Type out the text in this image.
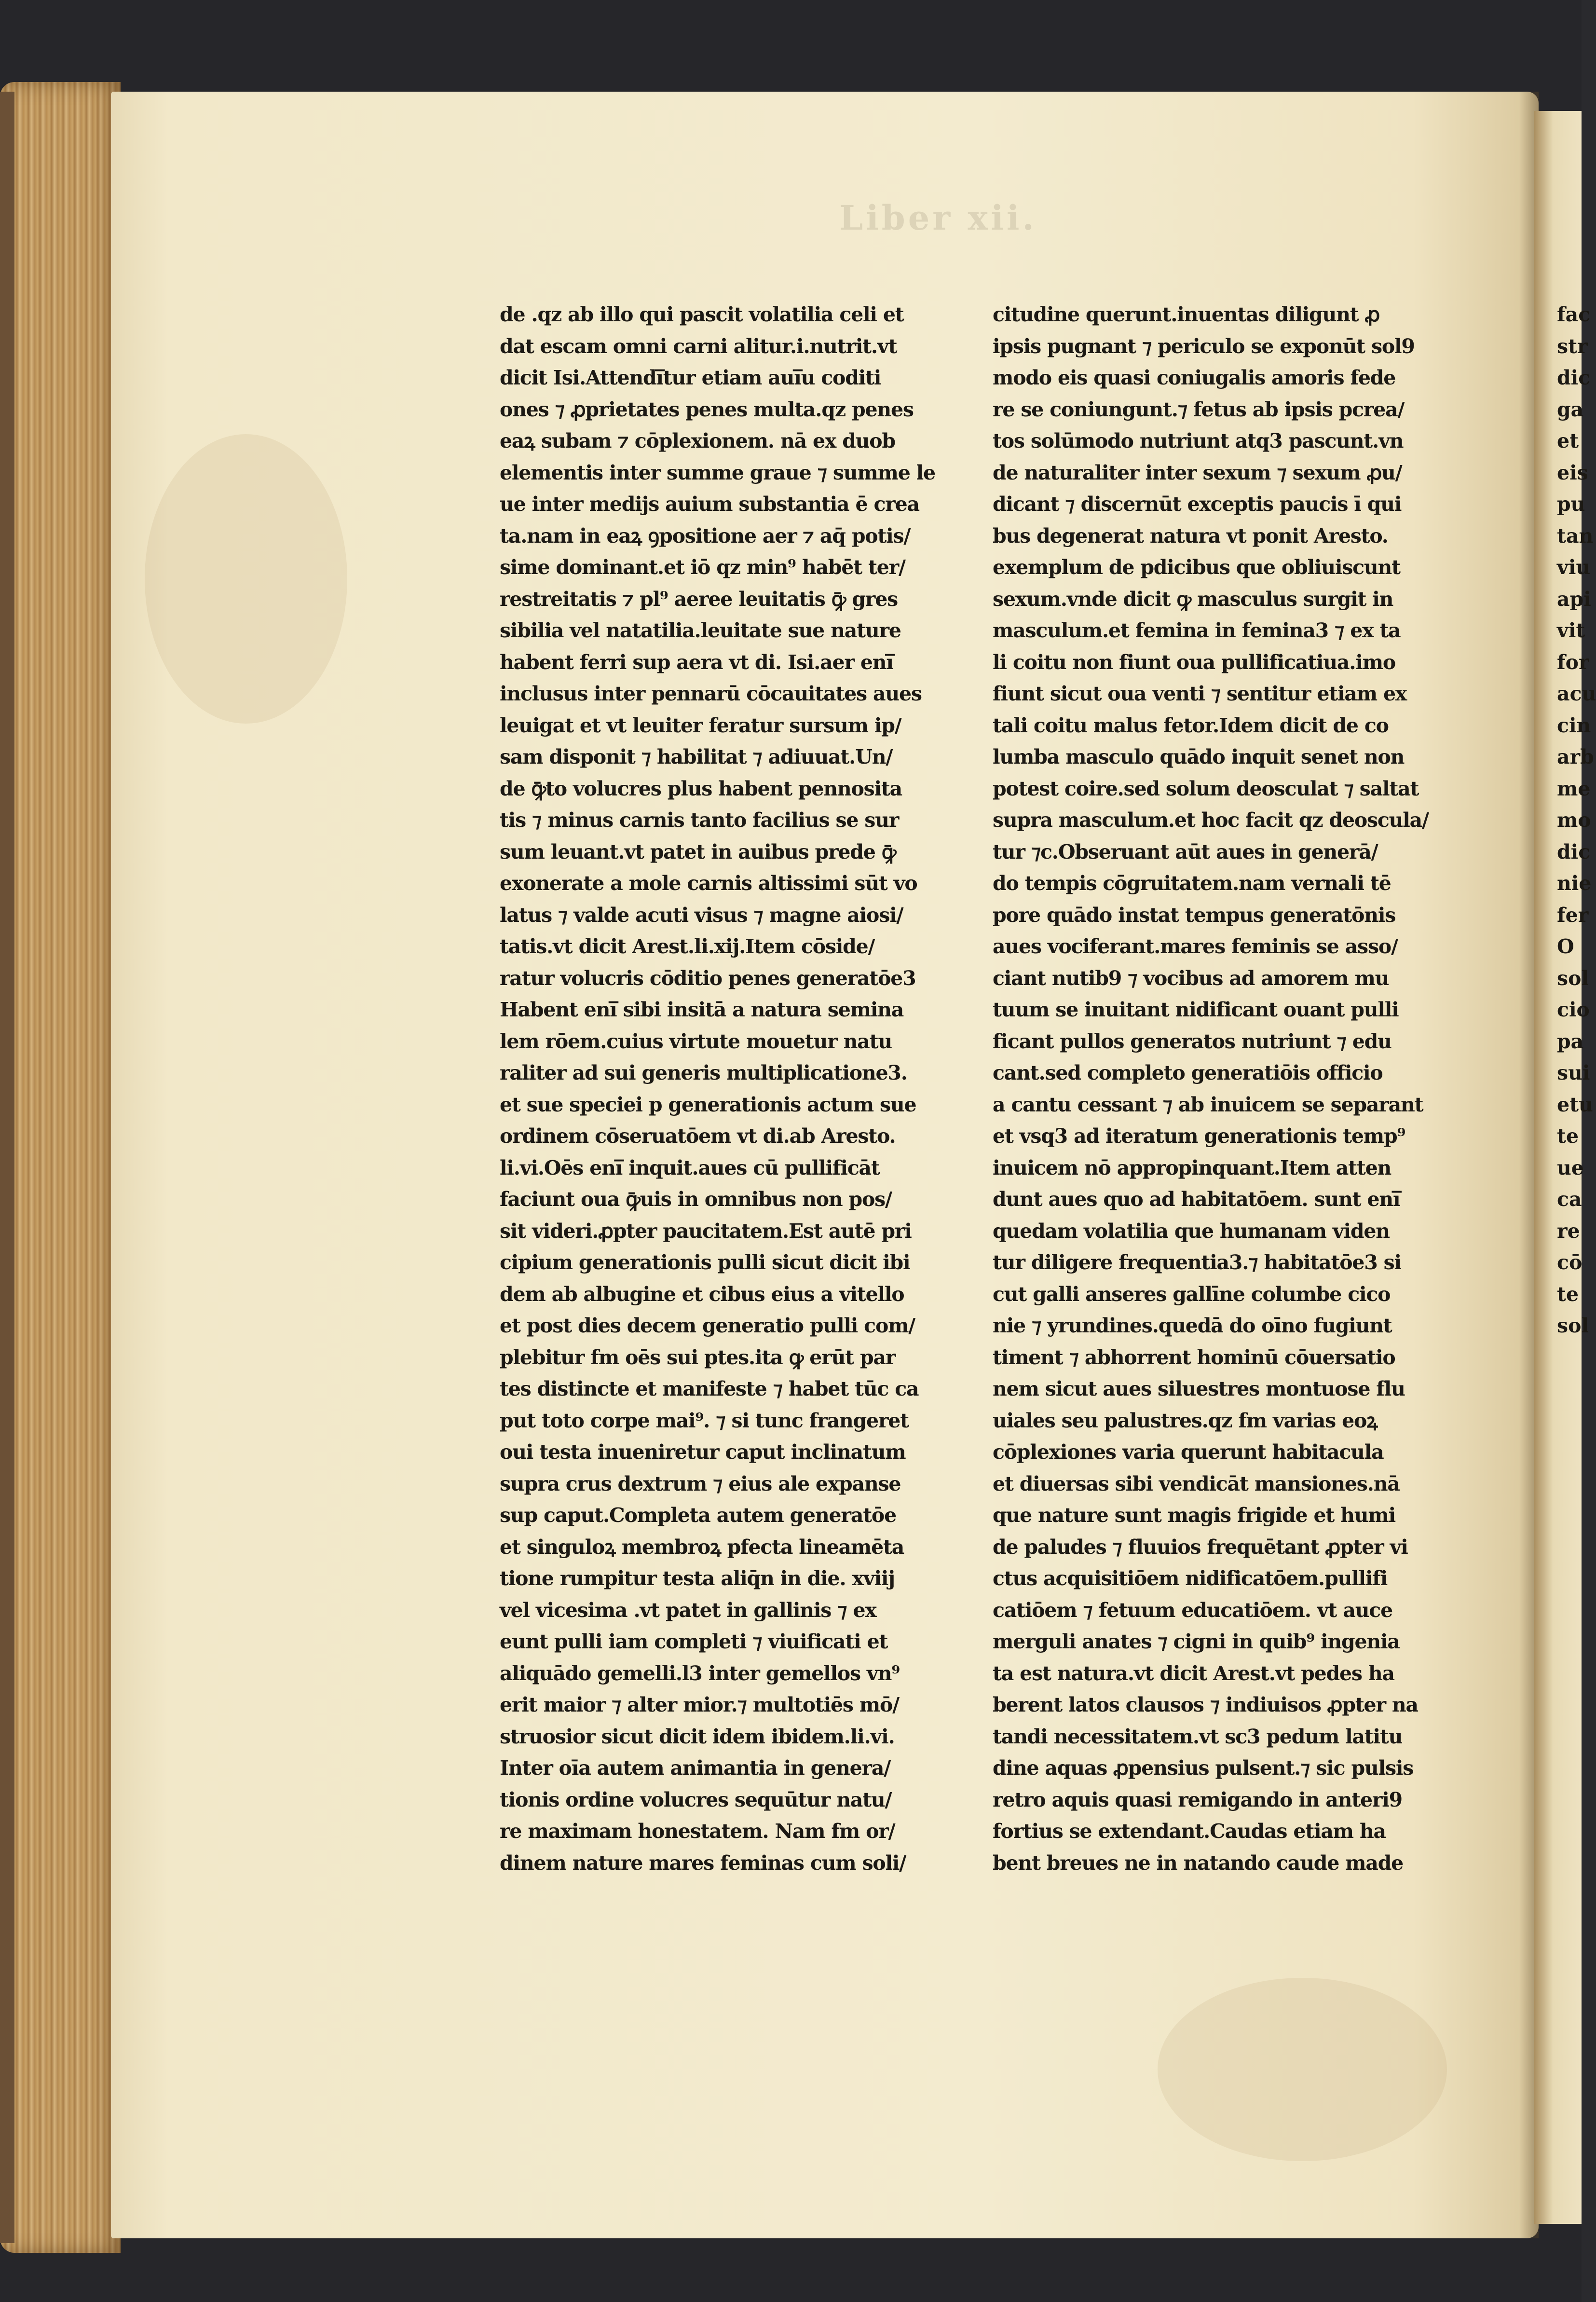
Liber xii.
de .qz ab illo qui pascit volatilia celi et
dat escam omni carni alitur.i.nutrit.vt
dicit Isi.Attendi̅tur etiam aui̅u coditi
ones ⁊ ꝓprietates penes multa.qz penes
eaꝝ subam ⁊ cōplexionem. nā ex duob
elementis inter summe graue ⁊ summe le
ue inter medijs auium substantia ē crea
ta.nam in eaꝝ ꝯpositione aer ⁊ aq̄ potis/
sime dominant.et iō qz min⁹ habēt ter/
restreitatis ⁊ pl⁹ aeree leuitatis ꝙ̄ gres
sibilia vel natatilia.leuitate sue nature
habent ferri sup aera vt di. Isi.aer eni̅
inclusus inter pennarū cōcauitates aues
leuigat et vt leuiter feratur sursum ip/
sam disponit ⁊ habilitat ⁊ adiuuat.Un/
de ꝙ̄to volucres plus habent pennosita
tis ⁊ minus carnis tanto facilius se sur
sum leuant.vt patet in auibus prede ꝙ̄
exonerate a mole carnis altissimi sūt vo
latus ⁊ valde acuti visus ⁊ magne aiosi/
tatis.vt dicit Arest.li.xij.Item cōside/
ratur volucris cōditio penes generatōe3
Habent eni̅ sibi insitā a natura semina
lem rōem.cuius virtute mouetur natu
raliter ad sui generis multiplicatione3.
et sue speciei p generationis actum sue
ordinem cōseruatōem vt di.ab Aresto.
li.vi.Oēs eni̅ inquit.aues cū pullificāt
faciunt oua ꝙ̄uis in omnibus non pos/
sit videri.ꝓpter paucitatem.Est autē pri
cipium generationis pulli sicut dicit ibi
dem ab albugine et cibus eius a vitello
et post dies decem generatio pulli com/
plebitur fm oēs sui ptes.ita ꝙ erūt par
tes distincte et manifeste ⁊ habet tūc ca
put toto corpe mai⁹. ⁊ si tunc frangeret
oui testa inueniretur caput inclinatum
supra crus dextrum ⁊ eius ale expanse
sup caput.Completa autem generatōe
et singuloꝝ membroꝝ pfecta lineamēta
tione rumpitur testa aliq̄n in die. xviij
vel vicesima .vt patet in gallinis ⁊ ex
eunt pulli iam completi ⁊ viuificati et
aliquādo gemelli.l3 inter gemellos vn⁹
erit maior ⁊ alter mior.⁊ multotiēs mō/
struosior sicut dicit idem ibidem.li.vi.
Inter oīa autem animantia in genera/
tionis ordine volucres sequūtur natu/
re maximam honestatem. Nam fm or/
dinem nature mares feminas cum soli/
citudine querunt.inuentas diligunt ꝓ
ipsis pugnant ⁊ periculo se exponūt sol9
modo eis quasi coniugalis amoris fede
re se coniungunt.⁊ fetus ab ipsis pcrea/
tos solūmodo nutriunt atq3 pascunt.vn
de naturaliter inter sexum ⁊ sexum ꝓu/
dicant ⁊ discernūt exceptis paucis ī qui
bus degenerat natura vt ponit Aresto.
exemplum de pdicibus que obliuiscunt
sexum.vnde dicit ꝙ masculus surgit in
masculum.et femina in femina3 ⁊ ex ta
li coitu non fiunt oua pullificatiua.imo
fiunt sicut oua venti ⁊ sentitur etiam ex
tali coitu malus fetor.Idem dicit de co
lumba masculo quādo inquit senet non
potest coire.sed solum deosculat ⁊ saltat
supra masculum.et hoc facit qz deoscula/
tur ⁊c.Obseruant aūt aues in generā/
do tempis cōgruitatem.nam vernali tē
pore quādo instat tempus generatōnis
aues vociferant.mares feminis se asso/
ciant nutib9 ⁊ vocibus ad amorem mu
tuum se inuitant nidificant ouant pulli
ficant pullos generatos nutriunt ⁊ edu
cant.sed completo generatiōis officio
a cantu cessant ⁊ ab inuicem se separant
et vsq3 ad iteratum generationis temp⁹
inuicem nō appropinquant.Item atten
dunt aues quo ad habitatōem. sunt eni̅
quedam volatilia que humanam viden
tur diligere frequentia3.⁊ habitatōe3 si
cut galli anseres gallīne columbe cico
nie ⁊ yrundines.quedā do oīno fugiunt
timent ⁊ abhorrent hominū cōuersatio
nem sicut aues siluestres montuose flu
uiales seu palustres.qz fm varias eoꝝ
cōplexiones varia querunt habitacula
et diuersas sibi vendicāt mansiones.nā
que nature sunt magis frigide et humi
de paludes ⁊ fluuios frequētant ꝓpter vi
ctus acquisitiōem nidificatōem.pullifi
catiōem ⁊ fetuum educatiōem. vt auce
merguli anates ⁊ cigni in quib⁹ ingenia
ta est natura.vt dicit Arest.vt pedes ha
berent latos clausos ⁊ indiuisos ꝓpter na
tandi necessitatem.vt sc3 pedum latitu
dine aquas ꝓpensius pulsent.⁊ sic pulsis
retro aquis quasi remigando in anteri9
fortius se extendant.Caudas etiam ha
bent breues ne in natando caude made
fac
str
dic
ga
et
eis
pu
tan
viu
api
vit
for
acu
cin
arb
me
mo
dic
nie
fer
O
sol
cio
pa
sui
etu
te
ue
ca
re
cō
te
sol
